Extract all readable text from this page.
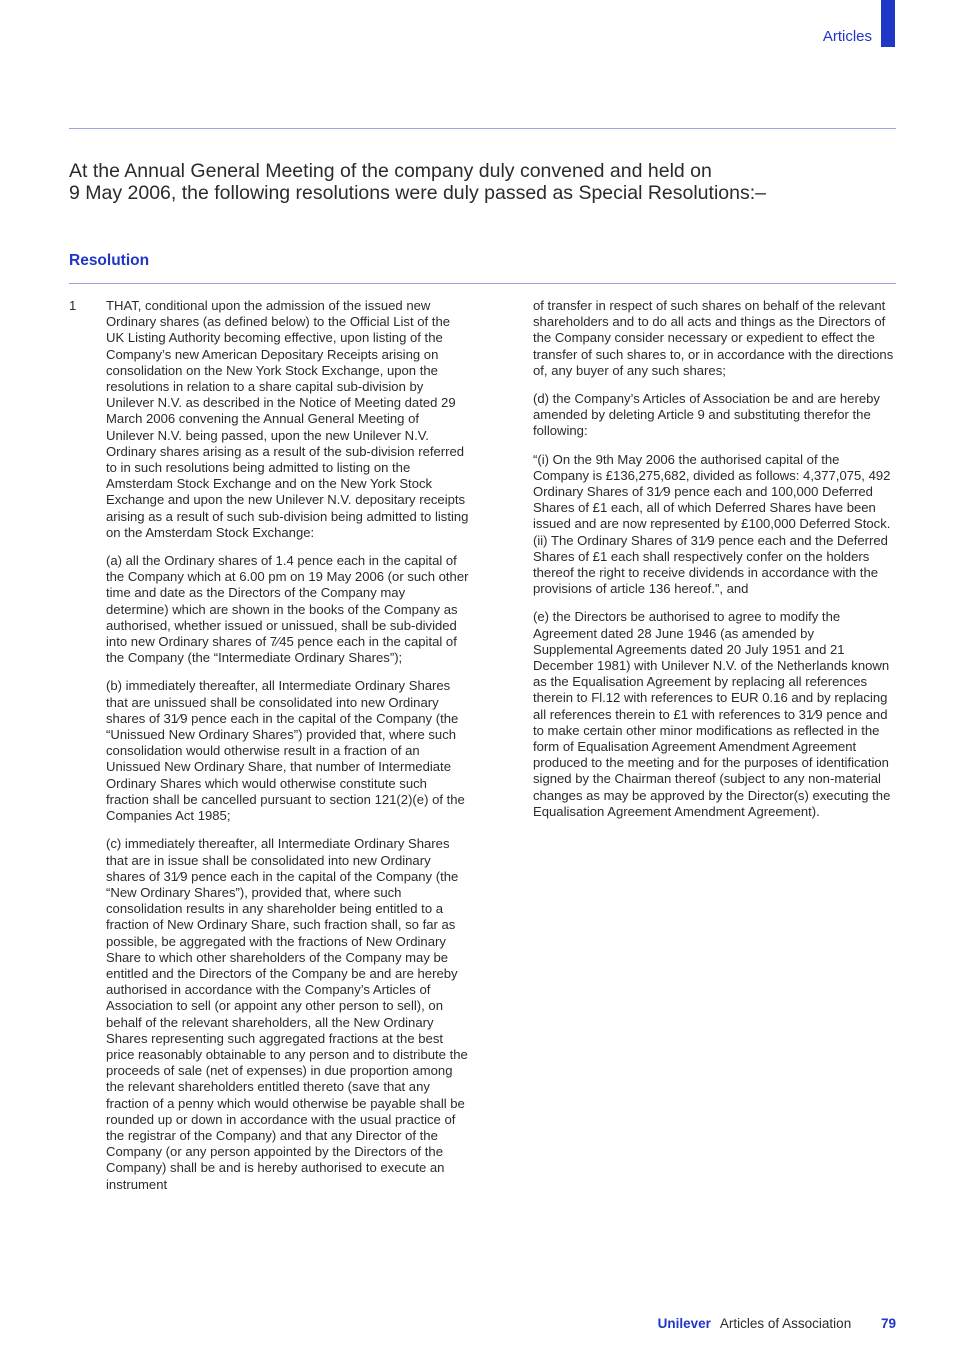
Articles
At the Annual General Meeting of the company duly convened and held on
9 May 2006, the following resolutions were duly passed as Special Resolutions:–
Resolution
1 THAT, conditional upon the admission of the issued new Ordinary shares (as defined below) to the Official List of the UK Listing Authority becoming effective, upon listing of the Company’s new American Depositary Receipts arising on consolidation on the New York Stock Exchange, upon the resolutions in relation to a share capital sub-division by Unilever N.V. as described in the Notice of Meeting dated 29 March 2006 convening the Annual General Meeting of Unilever N.V. being passed, upon the new Unilever N.V. Ordinary shares arising as a result of the sub-division referred to in such resolutions being admitted to listing on the Amsterdam Stock Exchange and on the New York Stock Exchange and upon the new Unilever N.V. depositary receipts arising as a result of such sub-division being admitted to listing on the Amsterdam Stock Exchange:

(a) all the Ordinary shares of 1.4 pence each in the capital of the Company which at 6.00 pm on 19 May 2006 (or such other time and date as the Directors of the Company may determine) which are shown in the books of the Company as authorised, whether issued or unissued, shall be sub-divided into new Ordinary shares of 7⁄45 pence each in the capital of the Company (the “Intermediate Ordinary Shares”);

(b) immediately thereafter, all Intermediate Ordinary Shares that are unissued shall be consolidated into new Ordinary shares of 31⁄9 pence each in the capital of the Company (the “Unissued New Ordinary Shares”) provided that, where such consolidation would otherwise result in a fraction of an Unissued New Ordinary Share, that number of Intermediate Ordinary Shares which would otherwise constitute such fraction shall be cancelled pursuant to section 121(2)(e) of the Companies Act 1985;

(c) immediately thereafter, all Intermediate Ordinary Shares that are in issue shall be consolidated into new Ordinary shares of 31⁄9 pence each in the capital of the Company (the “New Ordinary Shares”), provided that, where such consolidation results in any shareholder being entitled to a fraction of New Ordinary Share, such fraction shall, so far as possible, be aggregated with the fractions of New Ordinary Share to which other shareholders of the Company may be entitled and the Directors of the Company be and are hereby authorised in accordance with the Company’s Articles of Association to sell (or appoint any other person to sell), on behalf of the relevant shareholders, all the New Ordinary Shares representing such aggregated fractions at the best price reasonably obtainable to any person and to distribute the proceeds of sale (net of expenses) in due proportion among the relevant shareholders entitled thereto (save that any fraction of a penny which would otherwise be payable shall be rounded up or down in accordance with the usual practice of the registrar of the Company) and that any Director of the Company (or any person appointed by the Directors of the Company) shall be and is hereby authorised to execute an instrument

of transfer in respect of such shares on behalf of the relevant shareholders and to do all acts and things as the Directors of the Company consider necessary or expedient to effect the transfer of such shares to, or in accordance with the directions of, any buyer of any such shares;

(d) the Company’s Articles of Association be and are hereby amended by deleting Article 9 and substituting therefor the following:

“(i) On the 9th May 2006 the authorised capital of the Company is £136,275,682, divided as follows: 4,377,075, 492 Ordinary Shares of 31⁄9 pence each and 100,000 Deferred Shares of £1 each, all of which Deferred Shares have been issued and are now represented by £100,000 Deferred Stock. (ii) The Ordinary Shares of 31⁄9 pence each and the Deferred Shares of £1 each shall respectively confer on the holders thereof the right to receive dividends in accordance with the provisions of article 136 hereof.”, and

(e) the Directors be authorised to agree to modify the Agreement dated 28 June 1946 (as amended by Supplemental Agreements dated 20 July 1951 and 21 December 1981) with Unilever N.V. of the Netherlands known as the Equalisation Agreement by replacing all references therein to Fl.12 with references to EUR 0.16 and by replacing all references therein to £1 with references to 31⁄9 pence and to make certain other minor modifications as reflected in the form of Equalisation Agreement Amendment Agreement produced to the meeting and for the purposes of identification signed by the Chairman thereof (subject to any non-material changes as may be approved by the Director(s) executing the Equalisation Agreement Amendment Agreement).

Unilever Articles of Association 79
